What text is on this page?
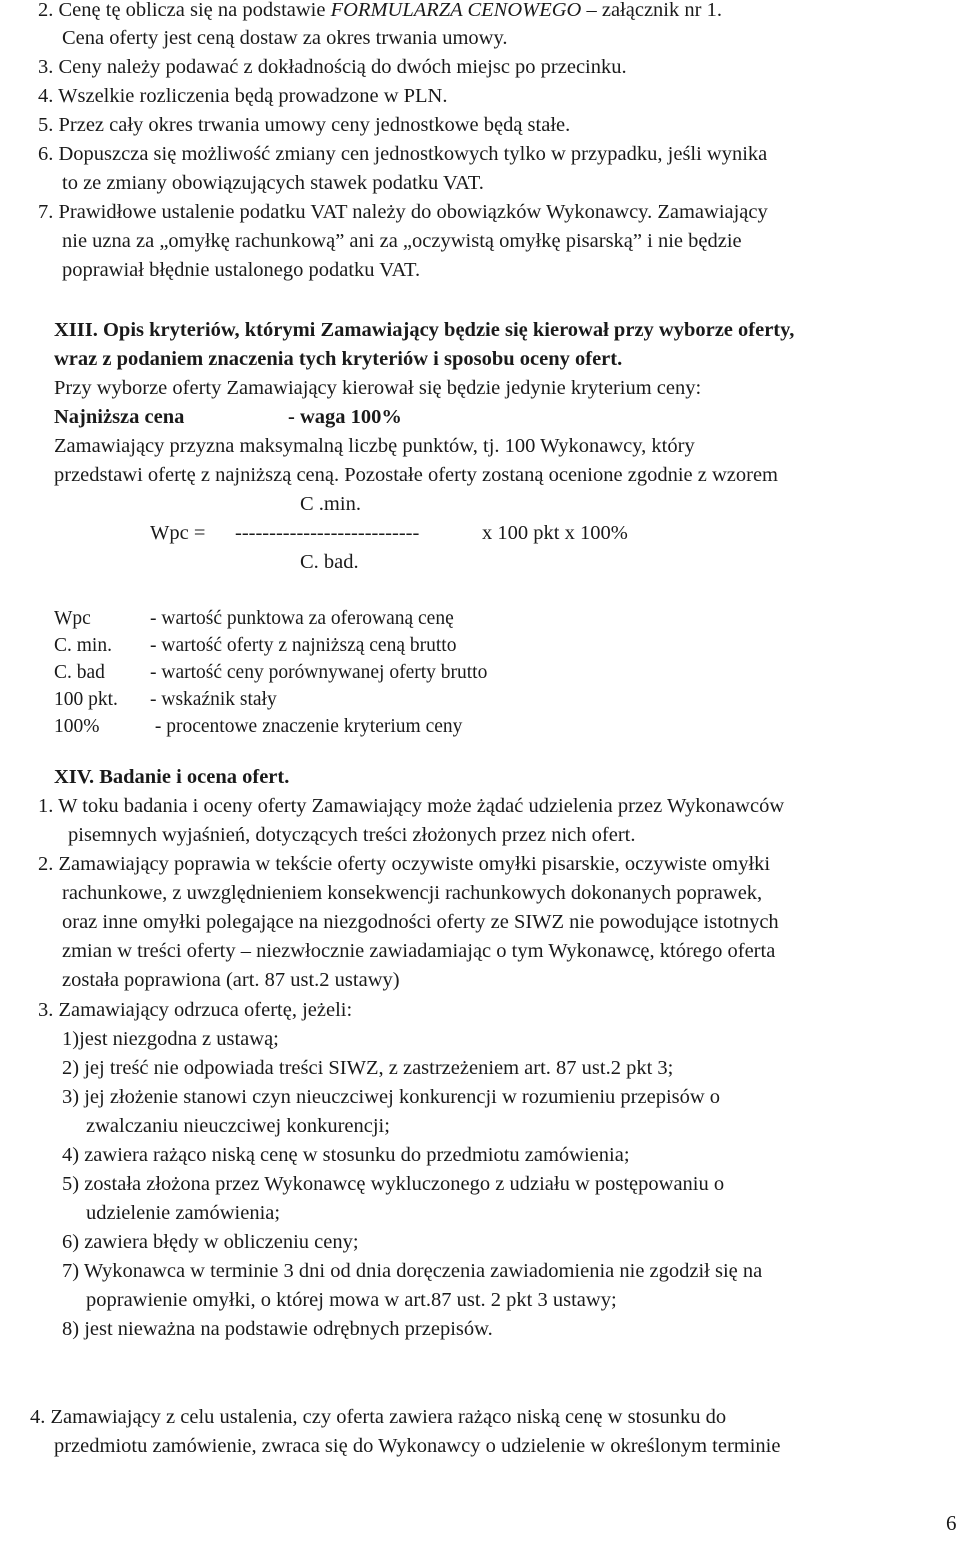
2. Cenę tę oblicza się na podstawie FORMULARZA CENOWEGO – załącznik nr 1.
Cena oferty jest ceną dostaw za okres trwania umowy.
3. Ceny należy podawać z dokładnością do dwóch miejsc po przecinku.
4. Wszelkie rozliczenia będą prowadzone w PLN.
5. Przez cały okres trwania umowy ceny jednostkowe będą stałe.
6. Dopuszcza się możliwość zmiany cen jednostkowych tylko w przypadku, jeśli wynika
to ze zmiany obowiązujących stawek podatku VAT.
7. Prawidłowe ustalenie podatku VAT należy do obowiązków Wykonawcy. Zamawiający
nie uzna za „omyłkę rachunkową” ani za „oczywistą omyłkę pisarską” i nie będzie
poprawiał błędnie ustalonego podatku VAT.
XIII. Opis kryteriów, którymi Zamawiający będzie się kierował przy wyborze oferty,
wraz z podaniem znaczenia tych kryteriów i sposobu oceny ofert.
Przy wyborze oferty Zamawiający kierował się będzie jedynie kryterium ceny:
Najniższa cena	- waga 100%
Zamawiający przyzna maksymalną liczbę punktów, tj. 100 Wykonawcy, który
przedstawi ofertę z najniższą ceną. Pozostałe oferty zostaną ocenione zgodnie z wzorem
C .min.
Wpc = ---------------------------	x 100 pkt x 100%
C. bad.
Wpc	- wartość punktowa za oferowaną cenę
C. min. - wartość oferty z najniższą ceną brutto
C. bad - wartość ceny porównywanej oferty brutto
100 pkt. - wskaźnik stały
100%	- procentowe znaczenie kryterium ceny
XIV. Badanie i ocena ofert.
1. W toku badania i oceny oferty Zamawiający może żądać udzielenia przez Wykonawców
pisemnych wyjaśnień, dotyczących treści złożonych przez nich ofert.
2. Zamawiający poprawia w tekście oferty oczywiste omyłki pisarskie, oczywiste omyłki
rachunkowe, z uwzględnieniem konsekwencji rachunkowych dokonanych poprawek,
oraz inne omyłki polegające na niezgodności oferty ze SIWZ nie powodujące istotnych
zmian w treści oferty – niezwłocznie zawiadamiając o tym Wykonawcę, którego oferta
została poprawiona (art. 87 ust.2 ustawy)
3. Zamawiający odrzuca ofertę, jeżeli:
1)jest niezgodna z ustawą;
2) jej treść nie odpowiada treści SIWZ, z zastrzeżeniem art. 87 ust.2 pkt 3;
3) jej złożenie stanowi czyn nieuczciwej konkurencji w rozumieniu przepisów o
zwalczaniu nieuczciwej konkurencji;
4) zawiera rażąco niską cenę w stosunku do przedmiotu zamówienia;
5) została złożona przez Wykonawcę wykluczonego z udziału w postępowaniu o
udzielenie zamówienia;
6) zawiera błędy w obliczeniu ceny;
7) Wykonawca w terminie 3 dni od dnia doręczenia zawiadomienia nie zgodził się na
poprawienie omyłki, o której mowa w art.87 ust. 2 pkt 3 ustawy;
8) jest nieważna na podstawie odrębnych przepisów.
4. Zamawiający z celu ustalenia, czy oferta zawiera rażąco niską cenę w stosunku do
przedmiotu zamówienie, zwraca się do Wykonawcy o udzielenie w określonym terminie
6
